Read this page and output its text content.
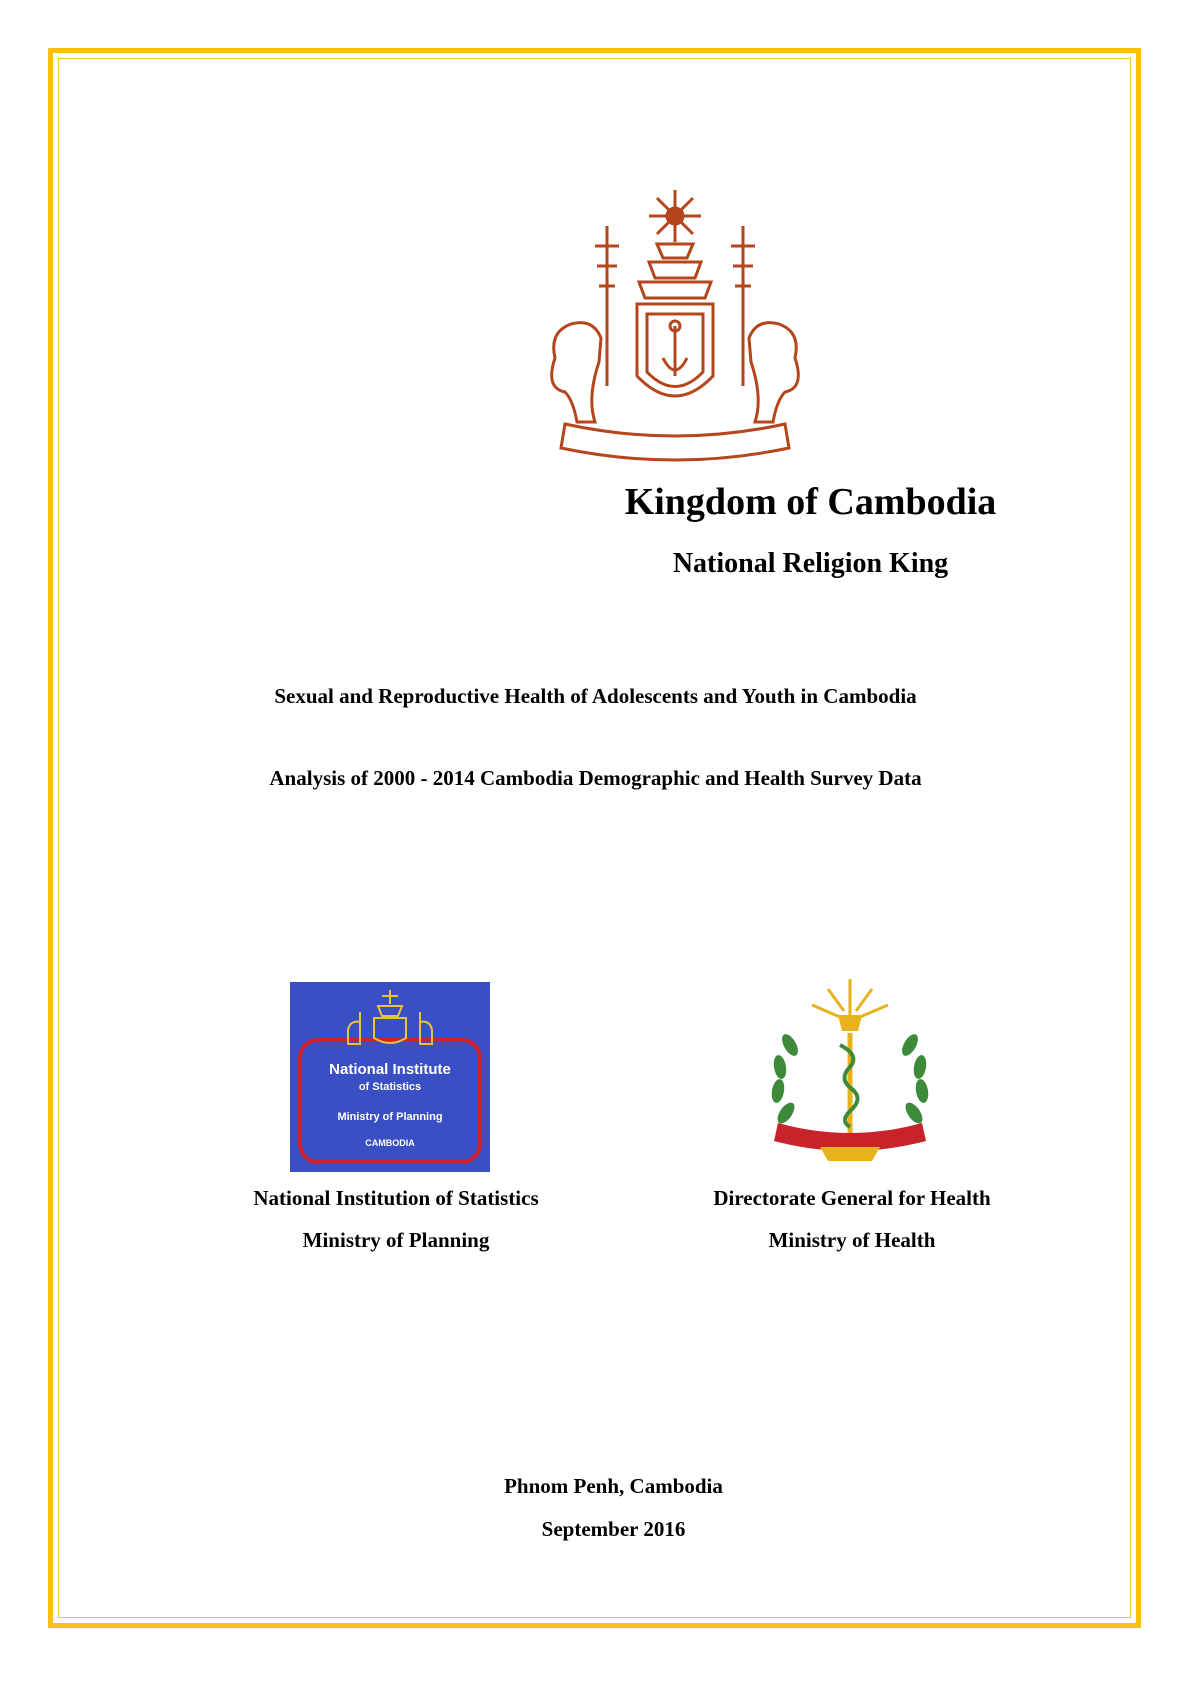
Kingdom of Cambodia

National Religion King

Sexual and Reproductive Health of Adolescents and Youth in Cambodia

Analysis of 2000 - 2014 Cambodia Demographic and Health Survey Data

National Institute
of Statistics
Ministry of Planning
CAMBODIA
National Institution of Statistics
Ministry of Planning
Directorate General for Health
Ministry of Health

Phnom Penh, Cambodia

September 2016
